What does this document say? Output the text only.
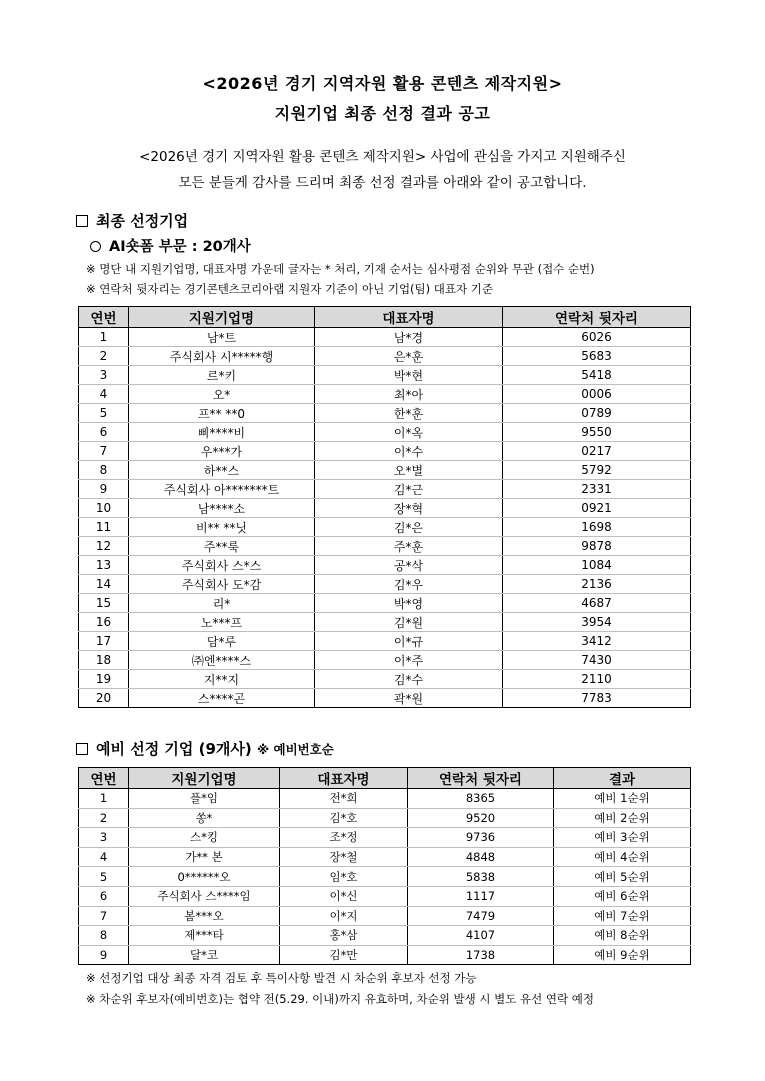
<2026년 경기 지역자원 활용 콘텐츠 제작지원>
지원기업 최종 선정 결과 공고
<2026년 경기 지역자원 활용 콘텐츠 제작지원> 사업에 관심을 가지고 지원해주신
모든 분들게 감사를 드리며 최종 선정 결과를 아래와 같이 공고합니다.
최종 선정기업
AI숏폼 부문 : 20개사
※ 명단 내 지원기업명, 대표자명 가운데 글자는 * 처리, 기재 순서는 심사평점 순위와 무관 (접수 순번)
※ 연락처 뒷자리는 경기콘텐츠코리아랩 지원자 기준이 아닌 기업(팀) 대표자 기준
연번	지원기업명	대표자명	연락처 뒷자리
1	남*트	남*경	6026
2	주식회사 시*****행	은*훈	5683
3	르*키	박*현	5418
4	오*	최*아	0006
5	프** **0	한*훈	0789
6	삐****비	이*옥	9550
7	우***가	이*수	0217
8	하**스	오*별	5792
9	주식회사 아*******트	김*근	2331
10	남****소	장*혁	0921
11	비** **닛	김*은	1698
12	주**룩	주*훈	9878
13	주식회사 스*스	공*삭	1084
14	주식회사 도*감	김*우	2136
15	리*	박*영	4687
16	노***프	김*원	3954
17	담*루	이*규	3412
18	㈜엔****스	이*주	7430
19	지**지	김*수	2110
20	스****곤	곽*원	7783
예비 선정 기업 (9개사) ※ 예비번호순
연번	지원기업명	대표자명	연락처 뒷자리	결과
1	플*임	전*희	8365	예비 1순위
2	쏭*	김*호	9520	예비 2순위
3	스*킹	조*정	9736	예비 3순위
4	가** 본	장*철	4848	예비 4순위
5	0******오	임*호	5838	예비 5순위
6	주식회사 스****임	이*신	1117	예비 6순위
7	봄***오	이*지	7479	예비 7순위
8	제***타	홍*삼	4107	예비 8순위
9	달*코	김*만	1738	예비 9순위
※ 선정기업 대상 최종 자격 검토 후 특이사항 발견 시 차순위 후보자 선정 가능
※ 차순위 후보자(예비번호)는 협약 전(5.29. 이내)까지 유효하며, 차순위 발생 시 별도 유선 연락 예정
